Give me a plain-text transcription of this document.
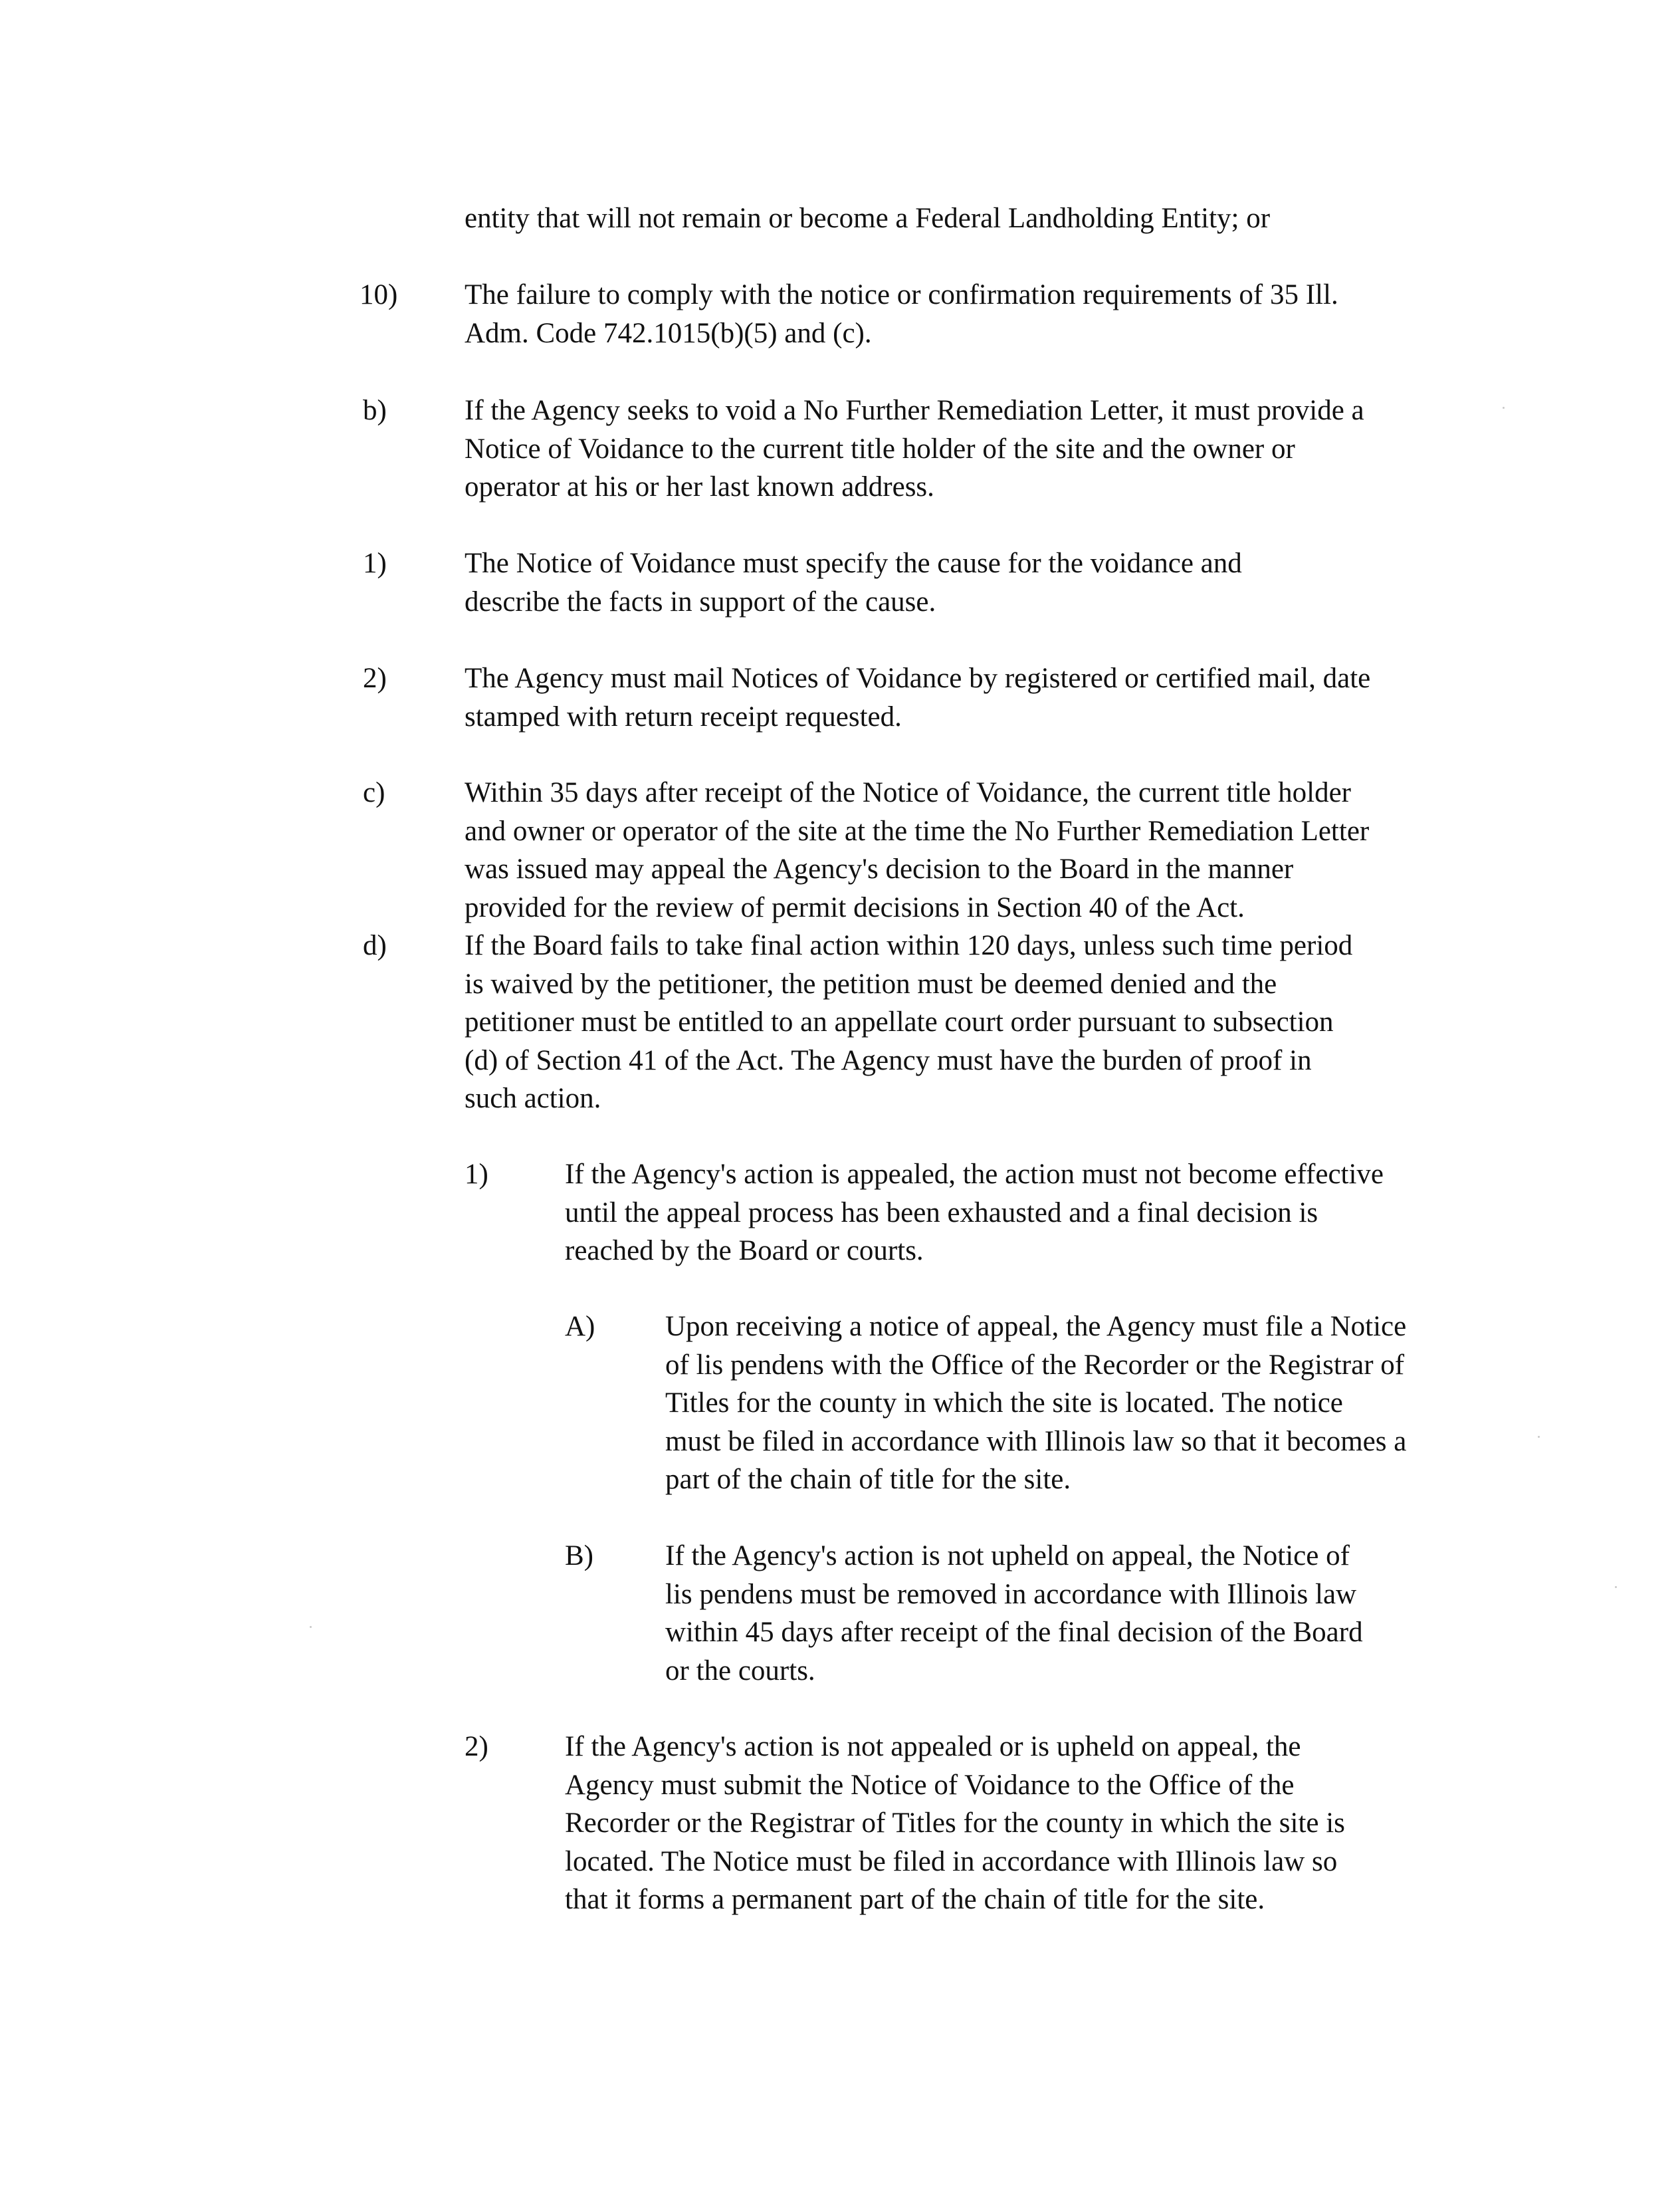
entity that will not remain or become a Federal Landholding Entity; or
10) The failure to comply with the notice or confirmation requirements of 35 Ill.
Adm. Code 742.1015(b)(5) and (c).
b)	If the Agency seeks to void a No Further Remediation Letter, it must provide a
Notice of Voidance to the current title holder of the site and the owner or
operator at his or her last known address.
1)	The Notice of Voidance must specify the cause for the voidance and
describe the facts in support of the cause.
2)	The Agency must mail Notices of Voidance by registered or certified mail, date
stamped with return receipt requested.
c)	Within 35 days after receipt of the Notice of Voidance, the current title holder
and owner or operator of the site at the time the No Further Remediation Letter
was issued may appeal the Agency's decision to the Board in the manner
provided for the review of permit decisions in Section 40 of the Act.
d)	If the Board fails to take final action within 120 days, unless such time period
is waived by the petitioner, the petition must be deemed denied and the
petitioner must be entitled to an appellate court order pursuant to subsection
(d) of Section 41 of the Act. The Agency must have the burden of proof in
such action.
1)	If the Agency's action is appealed, the action must not become effective
until the appeal process has been exhausted and a final decision is
reached by the Board or courts.
A) Upon receiving a notice of appeal, the Agency must file a Notice
of lis pendens with the Office of the Recorder or the Registrar of
Titles for the county in which the site is located. The notice
must be filed in accordance with Illinois law so that it becomes a
part of the chain of title for the site.
B)	If the Agency's action is not upheld on appeal, the Notice of
lis pendens must be removed in accordance with Illinois law
within 45 days after receipt of the final decision of the Board
or the courts.
2)	If the Agency's action is not appealed or is upheld on appeal, the
Agency must submit the Notice of Voidance to the Office of the
Recorder or the Registrar of Titles for the county in which the site is
located. The Notice must be filed in accordance with Illinois law so
that it forms a permanent part of the chain of title for the site.
